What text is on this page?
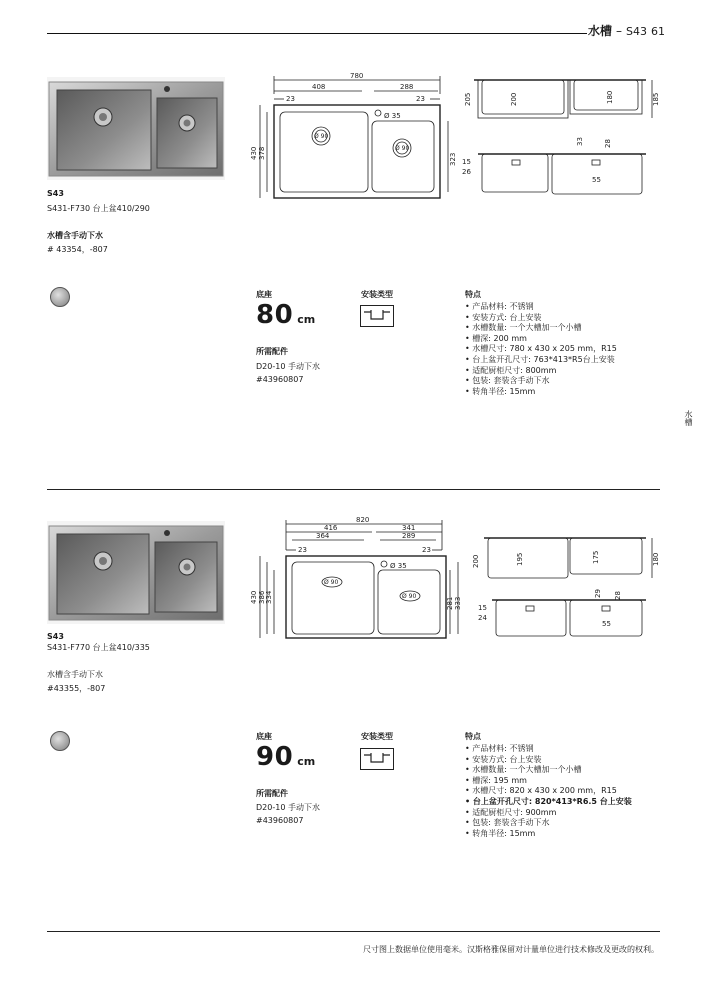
水槽 – S43 61
水槽
S43
S431-F730 台上盆410/290
水槽含手动下水
# 43354，-807
780
408	288
23	23
Ø 35
Ø 90
Ø 90
430 378	323
205	200	180	185
33	28
15
26
55
底座
80 cm
安装类型
所需配件
D20-10 手动下水
#43960807
特点
• 产品材料: 不锈钢
• 安装方式: 台上安装
• 水槽数量: 一个大槽加一个小槽
• 槽深: 200 mm
• 水槽尺寸: 780 x 430 x 205 mm，R15
• 台上盆开孔尺寸: 763*413*R5台上安装
• 适配厨柜尺寸: 800mm
• 包装: 套装含手动下水
• 转角半径: 15mm
S43
S431-F770 台上盆410/335
水槽含手动下水
#43355，-807
820
416	341
364	289
23	23
Ø 35
Ø 90
Ø 90
430 386 334	281 333
200	195	175	180
29 28
15
24
55
底座
90 cm
安装类型
所需配件
D20-10 手动下水
#43960807
特点
• 产品材料: 不锈钢
• 安装方式: 台上安装
• 水槽数量: 一个大槽加一个小槽
• 槽深: 195 mm
• 水槽尺寸: 820 x 430 x 200 mm，R15
• 台上盆开孔尺寸: 820*413*R6.5 台上安装
• 适配厨柜尺寸: 900mm
• 包装: 套装含手动下水
• 转角半径: 15mm
尺寸图上数据单位使用毫米。汉斯格雅保留对计量单位进行技术修改及更改的权利。
